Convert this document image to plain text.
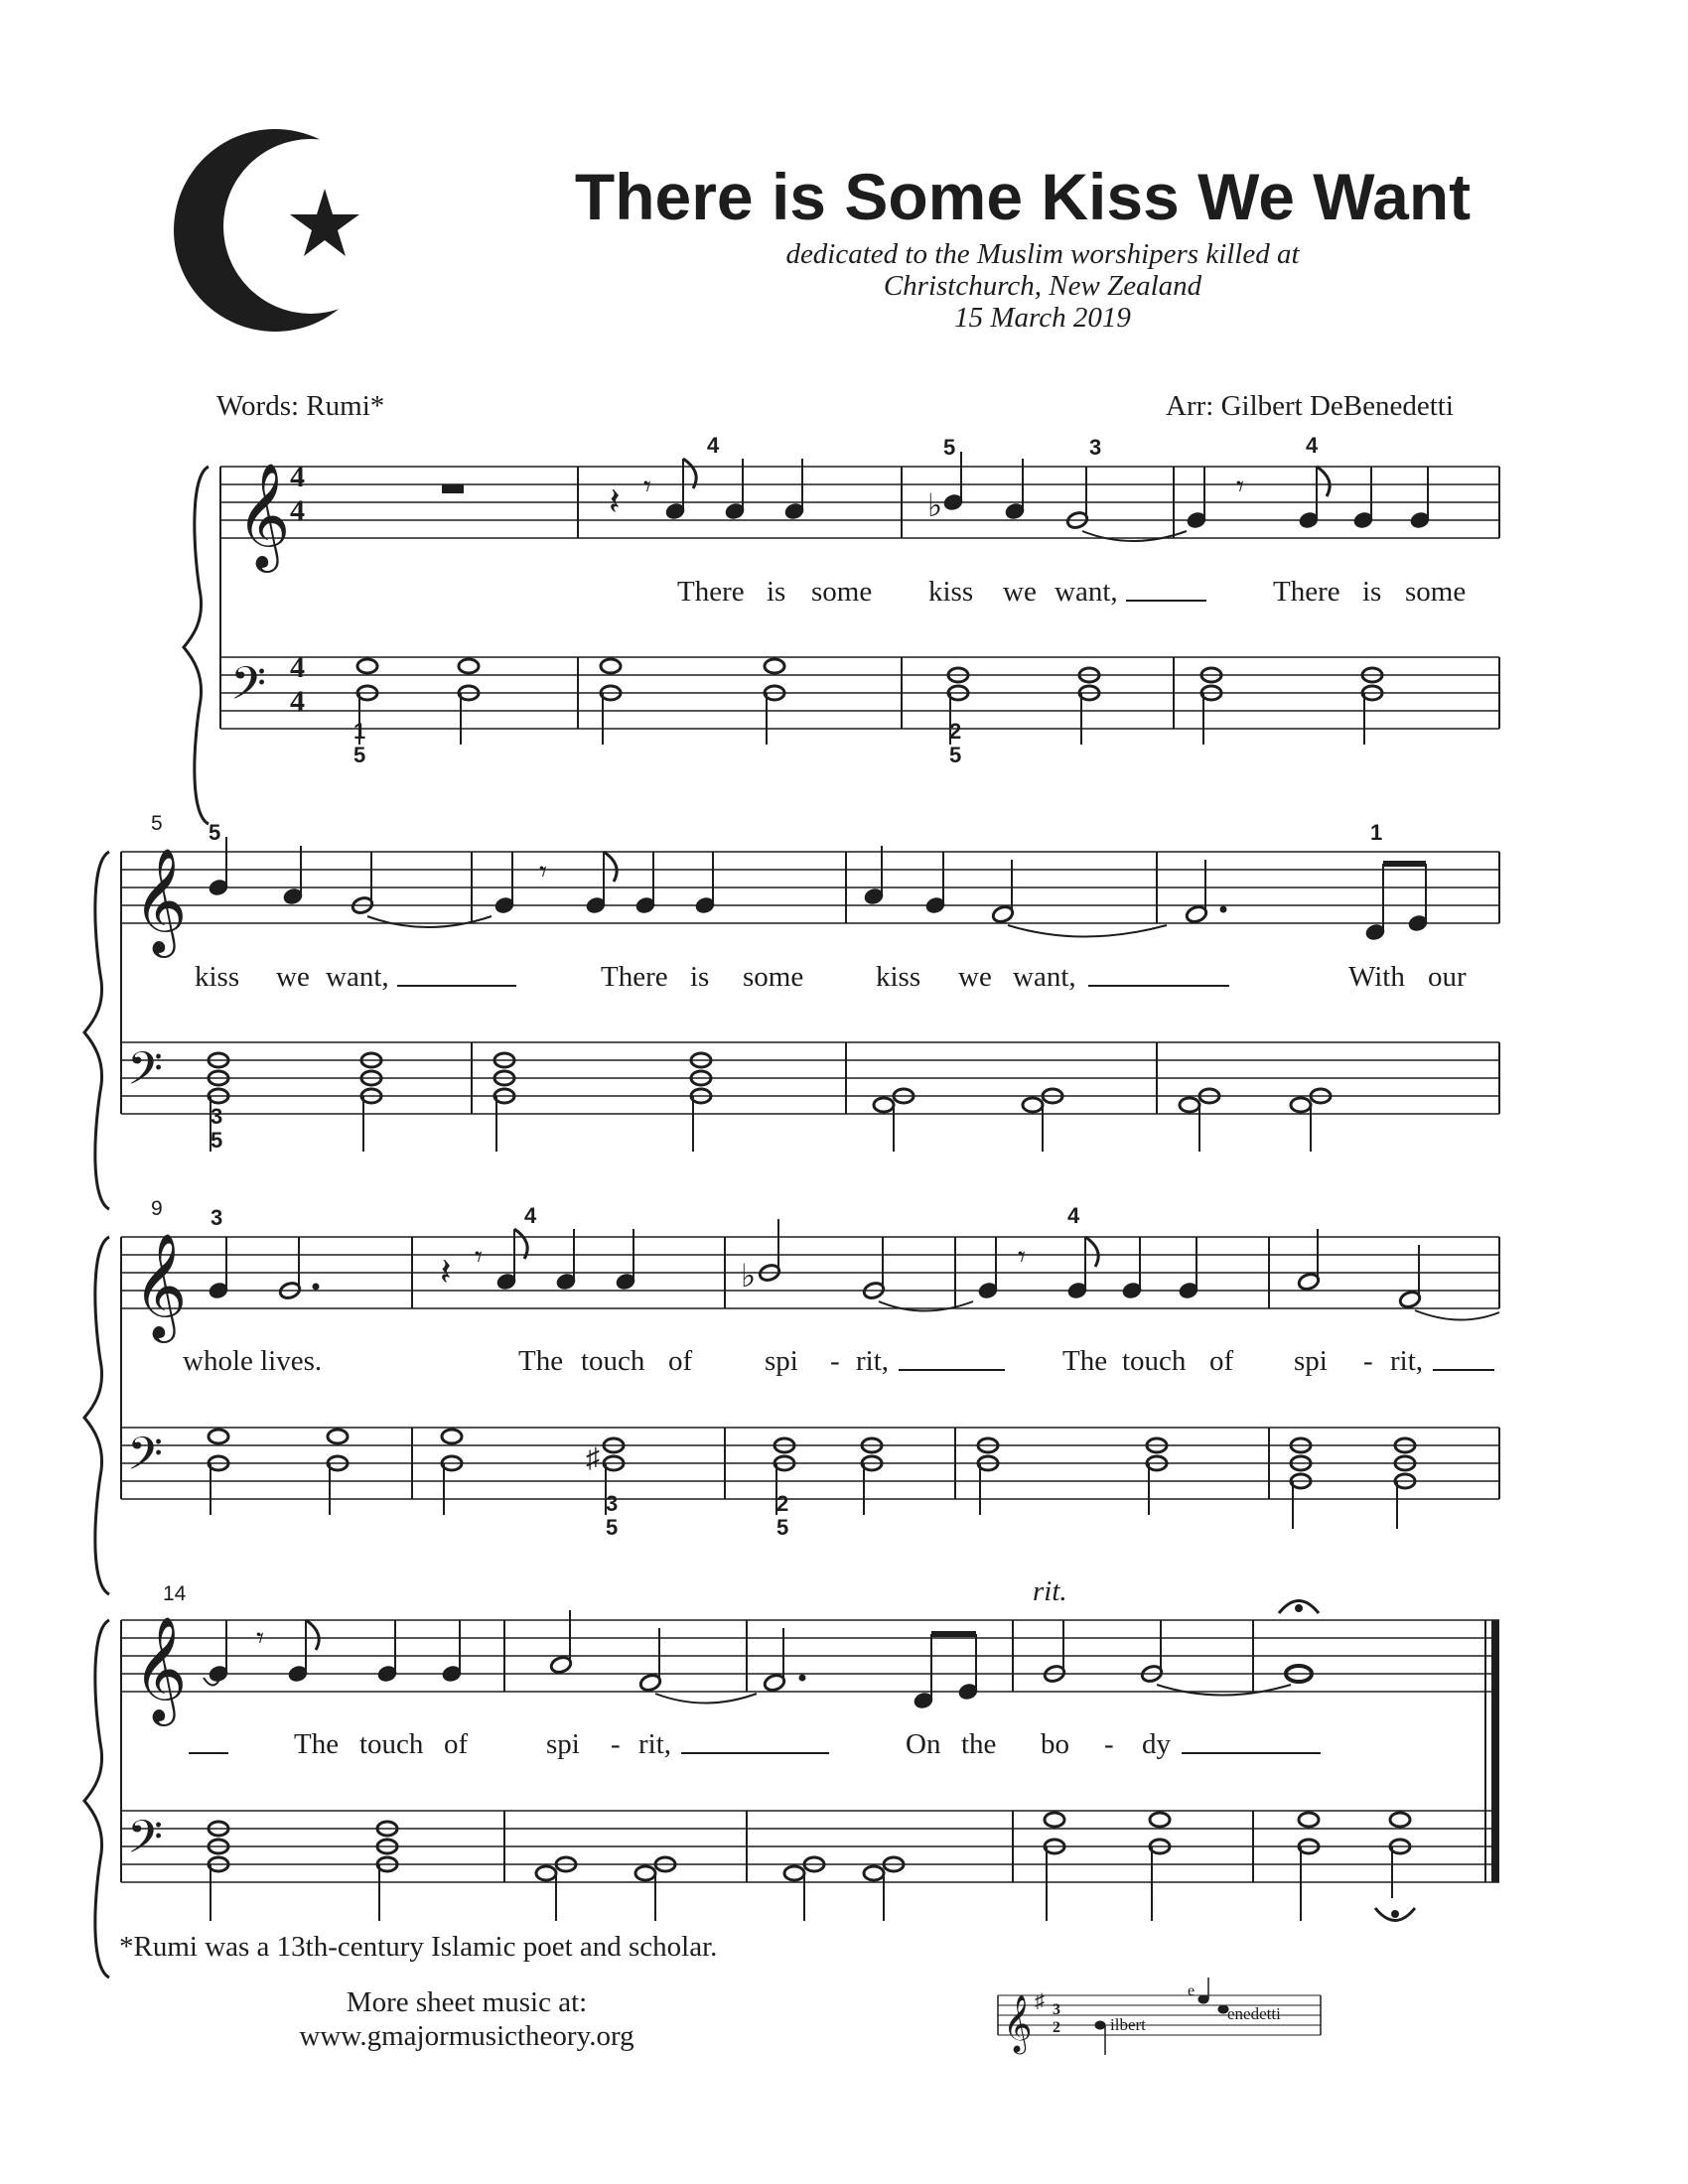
There is Some Kiss We Want
dedicated to the Muslim worshipers killed at
Christchurch, New Zealand
15 March 2019
Words: Rumi*	Arr: Gilbert DeBenedetti
𝄞
𝄢
4
4
4
4
𝄽 𝄾
♭
𝄾
𝄞
𝄢
𝄾
𝄞
𝄢
𝄽 𝄾
♭
𝄾
♯
𝄞
𝄢
𝄾
5
9
14	rit.
4	5	3	4
1
5
2
5
5
1
3
5
3	4	4
3
5
2
5
There is some kiss we want,	There is some
kiss we want,	There is some	kiss we want,	With our
whole lives.	The touch of	spi - rit,	The touch of spi - rit,
The touch of	spi - rit,	On the bo - dy
𝄞 ♯ 3
2	ilbert
e
enedetti
*Rumi was a 13th-century Islamic poet and scholar.
More sheet music at:
www.gmajormusictheory.org
